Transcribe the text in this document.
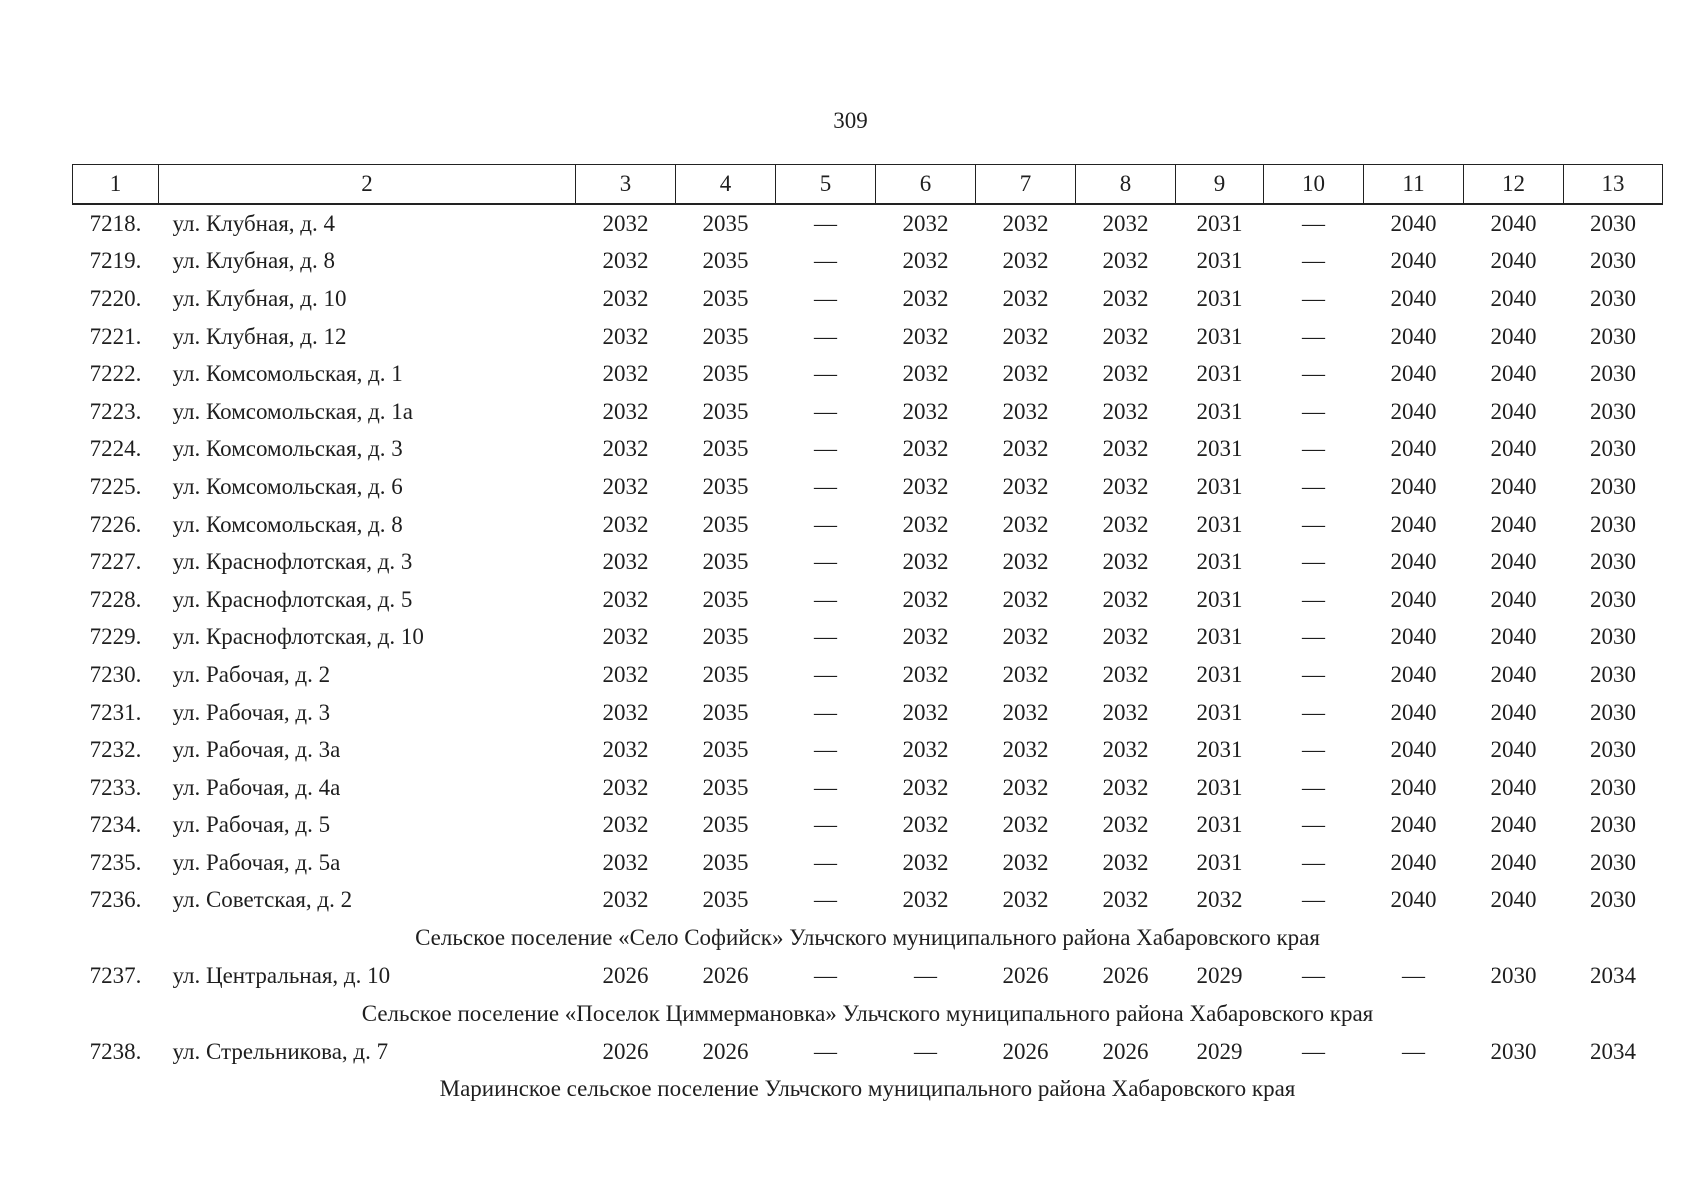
309
1	2	3	4	5	6	7	8	9	10	11	12	13
7218.	ул. Клубная, д. 4	2032	2035	—	2032	2032	2032	2031	—	2040	2040	2030
7219.	ул. Клубная, д. 8	2032	2035	—	2032	2032	2032	2031	—	2040	2040	2030
7220.	ул. Клубная, д. 10	2032	2035	—	2032	2032	2032	2031	—	2040	2040	2030
7221.	ул. Клубная, д. 12	2032	2035	—	2032	2032	2032	2031	—	2040	2040	2030
7222.	ул. Комсомольская, д. 1	2032	2035	—	2032	2032	2032	2031	—	2040	2040	2030
7223.	ул. Комсомольская, д. 1а	2032	2035	—	2032	2032	2032	2031	—	2040	2040	2030
7224.	ул. Комсомольская, д. 3	2032	2035	—	2032	2032	2032	2031	—	2040	2040	2030
7225.	ул. Комсомольская, д. 6	2032	2035	—	2032	2032	2032	2031	—	2040	2040	2030
7226.	ул. Комсомольская, д. 8	2032	2035	—	2032	2032	2032	2031	—	2040	2040	2030
7227.	ул. Краснофлотская, д. 3	2032	2035	—	2032	2032	2032	2031	—	2040	2040	2030
7228.	ул. Краснофлотская, д. 5	2032	2035	—	2032	2032	2032	2031	—	2040	2040	2030
7229.	ул. Краснофлотская, д. 10	2032	2035	—	2032	2032	2032	2031	—	2040	2040	2030
7230.	ул. Рабочая, д. 2	2032	2035	—	2032	2032	2032	2031	—	2040	2040	2030
7231.	ул. Рабочая, д. 3	2032	2035	—	2032	2032	2032	2031	—	2040	2040	2030
7232.	ул. Рабочая, д. 3а	2032	2035	—	2032	2032	2032	2031	—	2040	2040	2030
7233.	ул. Рабочая, д. 4а	2032	2035	—	2032	2032	2032	2031	—	2040	2040	2030
7234.	ул. Рабочая, д. 5	2032	2035	—	2032	2032	2032	2031	—	2040	2040	2030
7235.	ул. Рабочая, д. 5а	2032	2035	—	2032	2032	2032	2031	—	2040	2040	2030
7236.	ул. Советская, д. 2	2032	2035	—	2032	2032	2032	2032	—	2040	2040	2030
Сельское поселение «Село Софийск» Ульчского муниципального района Хабаровского края												
7237.	ул. Центральная, д. 10	2026	2026	—	—	2026	2026	2029	—	—	2030	2034
Сельское поселение «Поселок Циммермановка» Ульчского муниципального района Хабаровского края												
7238.	ул. Стрельникова, д. 7	2026	2026	—	—	2026	2026	2029	—	—	2030	2034
Мариинское сельское поселение Ульчского муниципального района Хабаровского края												
